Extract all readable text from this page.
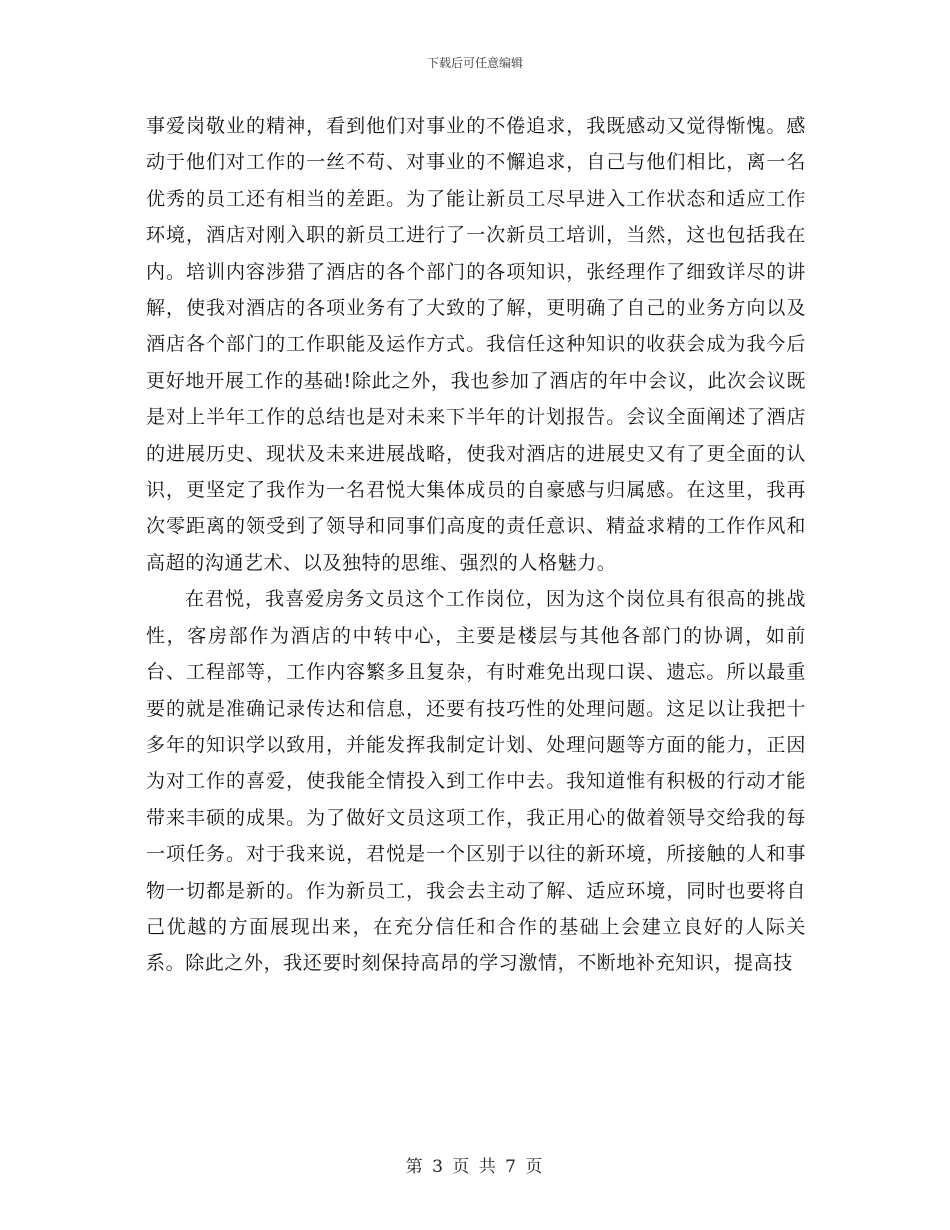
下载后可任意编辑

事爱岗敬业的精神，看到他们对事业的不倦追求，我既感动又觉得惭愧。感动于他们对工作的一丝不苟、对事业的不懈追求，自己与他们相比，离一名优秀的员工还有相当的差距。为了能让新员工尽早进入工作状态和适应工作环境，酒店对刚入职的新员工进行了一次新员工培训，当然，这也包括我在内。培训内容涉猎了酒店的各个部门的各项知识，张经理作了细致详尽的讲解，使我对酒店的各项业务有了大致的了解，更明确了自己的业务方向以及酒店各个部门的工作职能及运作方式。我信任这种知识的收获会成为我今后更好地开展工作的基础!除此之外，我也参加了酒店的年中会议，此次会议既是对上半年工作的总结也是对未来下半年的计划报告。会议全面阐述了酒店的进展历史、现状及未来进展战略，使我对酒店的进展史又有了更全面的认识，更坚定了我作为一名君悦大集体成员的自豪感与归属感。在这里，我再次零距离的领受到了领导和同事们高度的责任意识、精益求精的工作作风和高超的沟通艺术、以及独特的思维、强烈的人格魅力。

在君悦，我喜爱房务文员这个工作岗位，因为这个岗位具有很高的挑战性，客房部作为酒店的中转中心，主要是楼层与其他各部门的协调，如前台、工程部等，工作内容繁多且复杂，有时难免出现口误、遗忘。所以最重要的就是准确记录传达和信息，还要有技巧性的处理问题。这足以让我把十多年的知识学以致用，并能发挥我制定计划、处理问题等方面的能力，正因为对工作的喜爱，使我能全情投入到工作中去。我知道惟有积极的行动才能带来丰硕的成果。为了做好文员这项工作，我正用心的做着领导交给我的每一项任务。对于我来说，君悦是一个区别于以往的新环境，所接触的人和事物一切都是新的。作为新员工，我会去主动了解、适应环境，同时也要将自己优越的方面展现出来，在充分信任和合作的基础上会建立良好的人际关系。除此之外，我还要时刻保持高昂的学习激情，不断地补充知识，提高技

第 3 页 共 7 页
